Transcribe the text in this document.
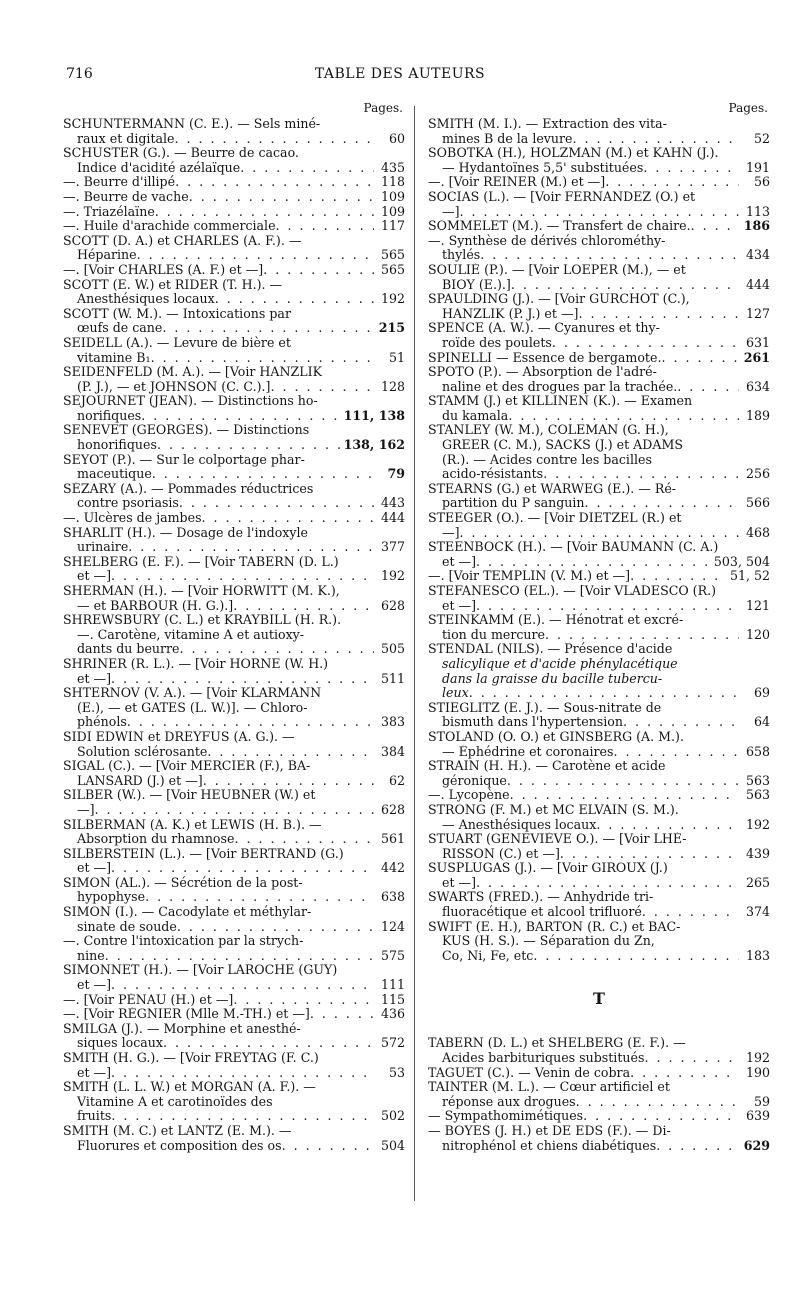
716	TABLE DES AUTEURS
Pages.
SCHUNTERMANN (C. E.). — Sels miné-
raux et digitale . . .	60
SCHUSTER (G.). — Beurre de cacao.
Indice d'acidité azélaïque . . .	435
—. Beurre d'illipé . . .	118
—. Beurre de vache . . .	109
—. Triazélaïne . . .	109
—. Huile d'arachide commerciale . . .	117
SCOTT (D. A.) et CHARLES (A. F.). —
Héparine . . .	565
—. [Voir CHARLES (A. F.) et —] . . .	565
SCOTT (E. W.) et RIDER (T. H.). —
Anesthésiques locaux . . .	192
SCOTT (W. M.). — Intoxications par
œufs de cane . . .	215
SEIDELL (A.). — Levure de bière et
vitamine B₁ . . .	51
SEIDENFELD (M. A.). — [Voir HANZLIK
(P. J.), — et JOHNSON (C. C.).] . . .	128
SÉJOURNET (JEAN). — Distinctions ho-
norifiques . . .	111, 138
SENEVET (GEORGES). — Distinctions
honorifiques . . .	138, 162
SEYOT (P.). — Sur le colportage phar-
maceutique . . .	79
SÉZARY (A.). — Pommades réductrices
contre psoriasis . . .	443
—. Ulcères de jambes . . .	444
SHARLIT (H.). — Dosage de l'indoxyle
urinaire . . .	377
SHELBERG (E. F.). — [Voir TABERN (D. L.)
et —] . . .	192
SHERMAN (H.). — [Voir HORWITT (M. K.),
— et BARBOUR (H. G.).] . . .	628
SHREWSBURY (C. L.) et KRAYBILL (H. R.).
—. Carotène, vitamine A et autioxy-
dants du beurre . . .	505
SHRINER (R. L.). — [Voir HORNE (W. H.)
et —] . . .	511
SHTERNOV (V. A.). — [Voir KLARMANN
(E.), — et GATES (L. W.)]. — Chloro-
phénols . . .	383
SIDI EDWIN et DREYFUS (A. G.). —
Solution sclérosante . . .	384
SIGAL (C.). — [Voir MERCIER (F.), BA-
LANSARD (J.) et —] . . .	62
SILBER (W.). — [Voir HEUBNER (W.) et
—] . . .	628
SILBERMAN (A. K.) et LEWIS (H. B.). —
Absorption du rhamnose . . .	561
SILBERSTEIN (L.). — [Voir BERTRAND (G.)
et —] . . .	442
SIMON (AL.). — Sécrétion de la post-
hypophyse . . .	638
SIMON (I.). — Cacodylate et méthylar-
sinate de soude . . .	124
—. Contre l'intoxication par la strych-
nine . . .	575
SIMONNET (H.). — [Voir LAROCHE (GUY)
et —] . . .	111
—. [Voir PÉNAU (H.) et —] . . .	115
—. [Voir RÉGNIER (Mlle M.-TH.) et —] . . .	436
SMILGA (J.). — Morphine et anesthé-
siques locaux . . .	572
SMITH (H. G.). — [Voir FREYTAG (F. C.)
et —] . . .	53
SMITH (L. L. W.) et MORGAN (A. F.). —
Vitamine A et carotinoïdes des
fruits . . .	502
SMITH (M. C.) et LANTZ (E. M.). —
Fluorures et composition des os . . .	504
Pages.
SMITH (M. I.). — Extraction des vita-
mines B de la levure . . .	52
SOBOTKA (H.), HOLZMAN (M.) et KAHN (J.).
— Hydantoïnes 5,5' substituées . . .	191
—. [Voir REINER (M.) et —] . . .	56
SOCIAS (L.). — [Voir FERNANDEZ (O.) et
—] . . .	113
SOMMELET (M.). — Transfert de chaire. . . .	186
—. Synthèse de dérivés chlorométhy-
thylés . . .	434
SOULIÉ (P.). — [Voir LOEPER (M.), — et
BIOY (E.).] . . .	444
SPAULDING (J.). — [Voir GURCHOT (C.),
HANZLIK (P. J.) et —] . . .	127
SPENCE (A. W.). — Cyanures et thy-
roïde des poulets . . .	631
SPINELLI — Essence de bergamote. . . .	261
SPOTO (P.). — Absorption de l'adré-
naline et des drogues par la trachée. . . .	634
STAMM (J.) et KILLINEN (K.). — Examen
du kamala . . .	189
STANLEY (W. M.), COLEMAN (G. H.),
GREER (C. M.), SACKS (J.) et ADAMS
(R.). — Acides contre les bacilles
acido-résistants . . .	256
STEARNS (G.) et WARWEG (E.). — Ré-
partition du P sanguin . . .	566
STEEGER (O.). — [Voir DIETZEL (R.) et
—] . . .	468
STEENBOCK (H.). — [Voir BAUMANN (C. A.)
et —] . . .	503, 504
—. [Voir TEMPLIN (V. M.) et —] . . .	51, 52
STEFANESCO (EL.). — [Voir VLADESCO (R.)
et —] . . .	121
STEINKAMM (E.). — Hénotrat et excré-
tion du mercure . . .	120
STENDAL (NILS). — Présence d'acide
salicylique et d'acide phénylacétique
dans la graisse du bacille tubercu-
leux . . .	69
STIEGLITZ (E. J.). — Sous-nitrate de
bismuth dans l'hypertension . . .	64
STOLAND (O. O.) et GINSBERG (A. M.).
— Éphédrine et coronaires . . .	658
STRAIN (H. H.). — Carotène et acide
géronique . . .	563
—. Lycopène . . .	563
STRONG (F. M.) et MC ELVAIN (S. M.).
— Anesthésiques locaux . . .	192
STUART (GENEVIÈVE O.). — [Voir LHÉ-
RISSON (C.) et —] . . .	439
SUSPLUGAS (J.). — [Voir GIROUX (J.)
et —] . . .	265
SWARTS (FRED.). — Anhydride tri-
fluoracétique et alcool trifluoré . . .	374
SWIFT (E. H.), BARTON (R. C.) et BAC-
KUS (H. S.). — Séparation du Zn,
Co, Ni, Fe, etc . . .	183
T
TABERN (D. L.) et SHELBERG (E. F.). —
Acides barbituriques substitués . . .	192
TAGUET (C.). — Venin de cobra . . .	190
TAINTER (M. L.). — Cœur artificiel et
réponse aux drogues . . .	59
— Sympathomimétiques . . .	639
— BOYES (J. H.) et DE EDS (F.). — Di-
nitrophénol et chiens diabétiques . . .	629
